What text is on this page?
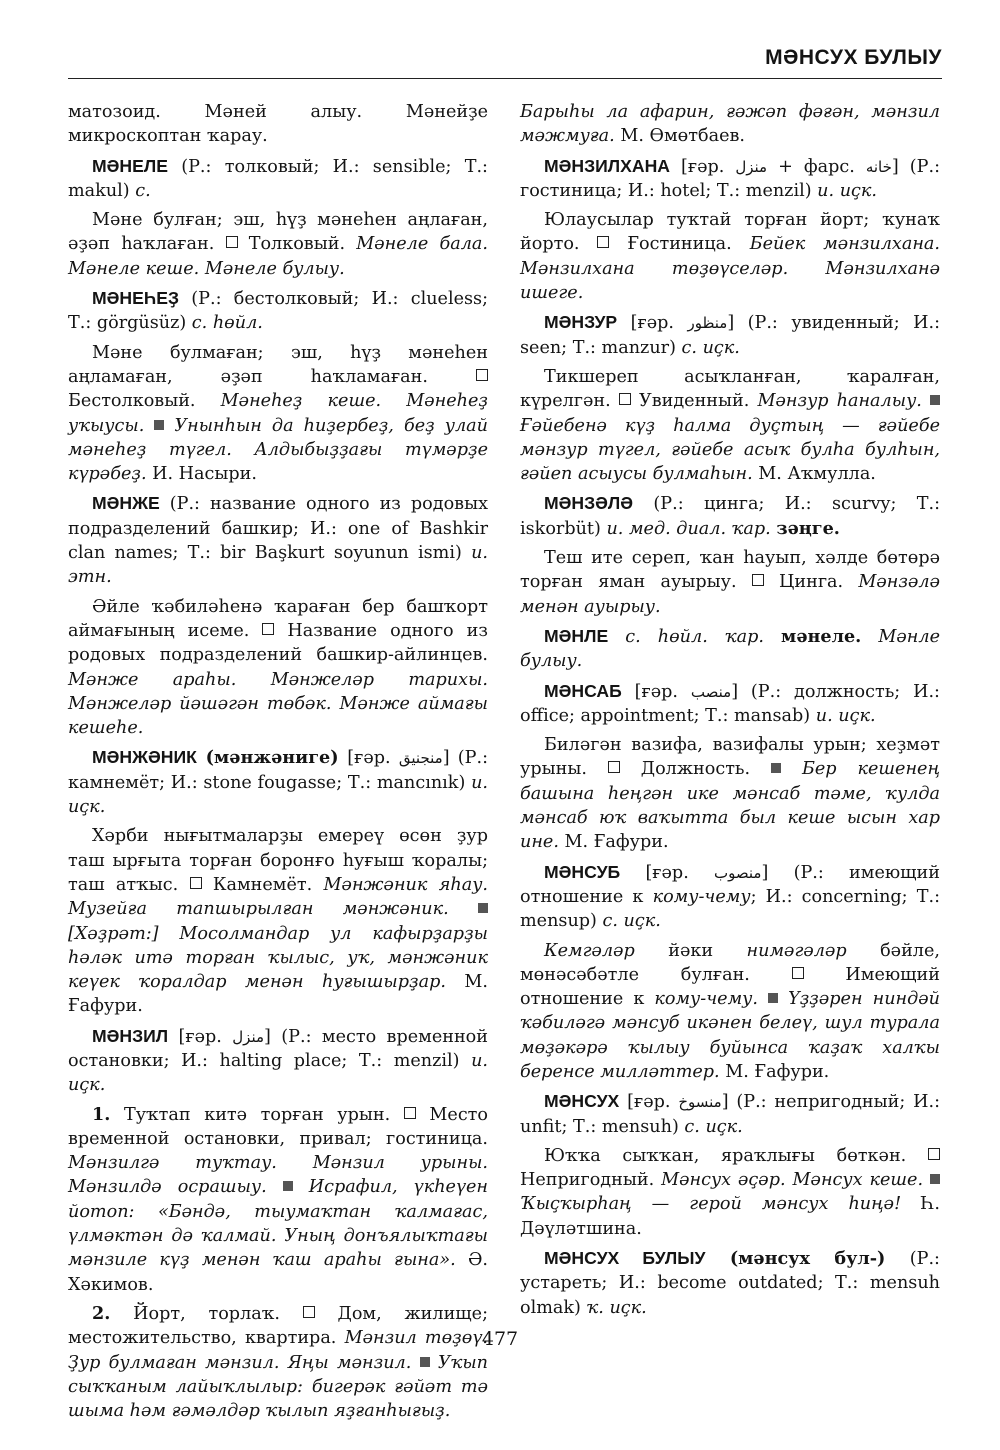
МӘНСУХ БУЛЫУ

матозоид. Мәней алыу. Мәнейҙе микроскоптан ҡарау.

МӘНЕЛЕ (Р.: толковый; И.: sensible; Т.: makul) с.

Мәне булған; эш, һүҙ мәнеһен аңлаған, әҙәп һаҡлаған.  Толковый. Мәнеле бала. Мәнеле кеше. Мәнеле булыу.

МӘНЕҺЕҘ (Р.: бестолковый; И.: clueless; Т.: görgüsüz) с. һөйл.

Мәне булмаған; эш, һүҙ мәнеһен аңламаған, әҙәп һаҡламаған.  Бестолковый. Мәнеһеҙ кеше. Мәнеһеҙ уҡыусы.  Унынһын да һиҙербеҙ, беҙ улай мәнеһеҙ түгел. Алдыбыҙҙағы түмәрҙе күрәбеҙ. И. Насыри.

МӘНЖЕ (Р.: название одного из родовых подразделений башкир; И.: one of Bashkir clan names; Т.: bir Başkurt soyunun ismi) и. этн.

Әйле ҡәбиләһенә ҡараған бер башҡорт аймағының исеме.  Название одного из родовых подразделений башкир-айлинцев. Мәнже араһы. Мәнжеләр тарихы. Мәнжеләр йәшәгән төбәк. Мәнже аймағы кешеһе.

МӘНЖӘНИК (мәнжәниге) [ғәр. منجنيق] (Р.: камнемёт; И.: stone fougasse; Т.: mancınık) и. иҫк.

Хәрби нығытмаларҙы емереү өсөн ҙур таш ырғыта торған боронғо һуғыш ҡоралы; таш атҡыс.  Камнемёт. Мәнжәник яһау. Музейға тапшырылған мәнжәник.  [Хәҙрәт:] Мосолмандар ул кафырҙарҙы һәләк итә торған ҡылыс, уҡ, мәнжәник кеүек ҡоралдар менән һуғышырҙар. М. Ғафури.

МӘНЗИЛ [ғәр. منزل] (Р.: место временной остановки; И.: halting place; Т.: menzil) и. иҫк.

1. Туҡтап китә торған урын.  Место временной остановки, привал; гостиница. Мәнзилгә туҡтау. Мәнзил урыны. Мәнзилдә осрашыу.  Исрафил, үкһеүен йотоп: «Бәндә, тыумаҡтан ҡалмағас, үлмәктән дә ҡалмай. Уның донъялыҡтағы мәнзиле күҙ менән ҡаш араһы ғына». Ә. Хәкимов.

2. Йорт, торлаҡ.  Дом, жилище; местожительство, квартира. Мәнзил төҙөү. Ҙур булмаған мәнзил. Яңы мәнзил.  Уҡып сыҡҡаным лайыҡлылыр: бигерәк ғәйәт тә шыма һәм ғәмәлдәр ҡылып яҙғанһығыҙ.

Барыһы ла афарин, ғәжәп фәғән, мәнзил мәжмуға. М. Өмөтбаев.

МӘНЗИЛХАНА [ғәр. منزل + фарс. خانه] (Р.: гостиница; И.: hotel; Т.: menzil) и. иҫк.

Юлаусылар туҡтай торған йорт; ҡунаҡ йорто.  Ғостиница. Бейек мәнзилхана. Мәнзилхана төҙөүселәр. Мәнзилханә ишеге.

МӘНЗУР [ғәр. منظور] (Р.: увиденный; И.: seen; Т.: manzur) с. иҫк.

Тикшереп асыҡланған, ҡаралған, күрелгән.  Увиденный. Мәнзур һаналыу.  Ғәйебенә күҙ һалма дуҫтың — ғәйебе мәнзур түгел, ғәйебе асыҡ булһа булһын, ғәйеп асыусы булмаһын. М. Аҡмулла.

МӘНЗӘЛӘ (Р.: цинга; И.: scurvy; Т.: iskorbüt) и. мед. диал. ҡар. зәңге.

Теш ите сереп, ҡан һауып, хәлде бөтөрә торған яман ауырыу.  Цинга. Мәнзәлә менән ауырыу.

МӘНЛЕ с. һөйл. ҡар. мәнеле. Мәнле булыу.

МӘНСАБ [ғәр. منصب] (Р.: должность; И.: office; appointment; Т.: mansab) и. иҫк.

Биләгән вазифа, вазифалы урын; хеҙмәт урыны.  Должность.  Бер кешенең башына һеңгән ике мәнсаб тәме, ҡулда мәнсаб юҡ ваҡытта был кеше ысын хар ине. М. Ғафури.

МӘНСУБ [ғәр. منصوب] (Р.: имеющий отношение к кому-чему; И.: concerning; Т.: mensup) с. иҫк.

Кемгәләр йәки нимәгәләр бәйле, мөнәсәбәтле булған.  Имеющий отношение к кому-чему. Үҙҙәрен ниндәй ҡәбиләгә мәнсуб икәнен белеү, шул турала мөҙәкәрә ҡылыу буйынса ҡаҙаҡ халҡы беренсе милләттер. М. Ғафури.

МӘНСУХ [ғәр. منسوخ] (Р.: непригодный; И.: unfit; Т.: mensuh) с. иҫк.

Юҡҡа сыҡҡан, яраҡлығы бөткән.  Непригодный. Мәнсух әҫәр. Мәнсух кеше.  Ҡыҫҡырһаң — герой мәнсух һиңә! Һ. Дәүләтшина.

МӘНСУХ БУЛЫУ (мәнсух бул-) (Р.: устареть; И.: become outdated; Т.: mensuh olmak) ҡ. иҫк.

477
